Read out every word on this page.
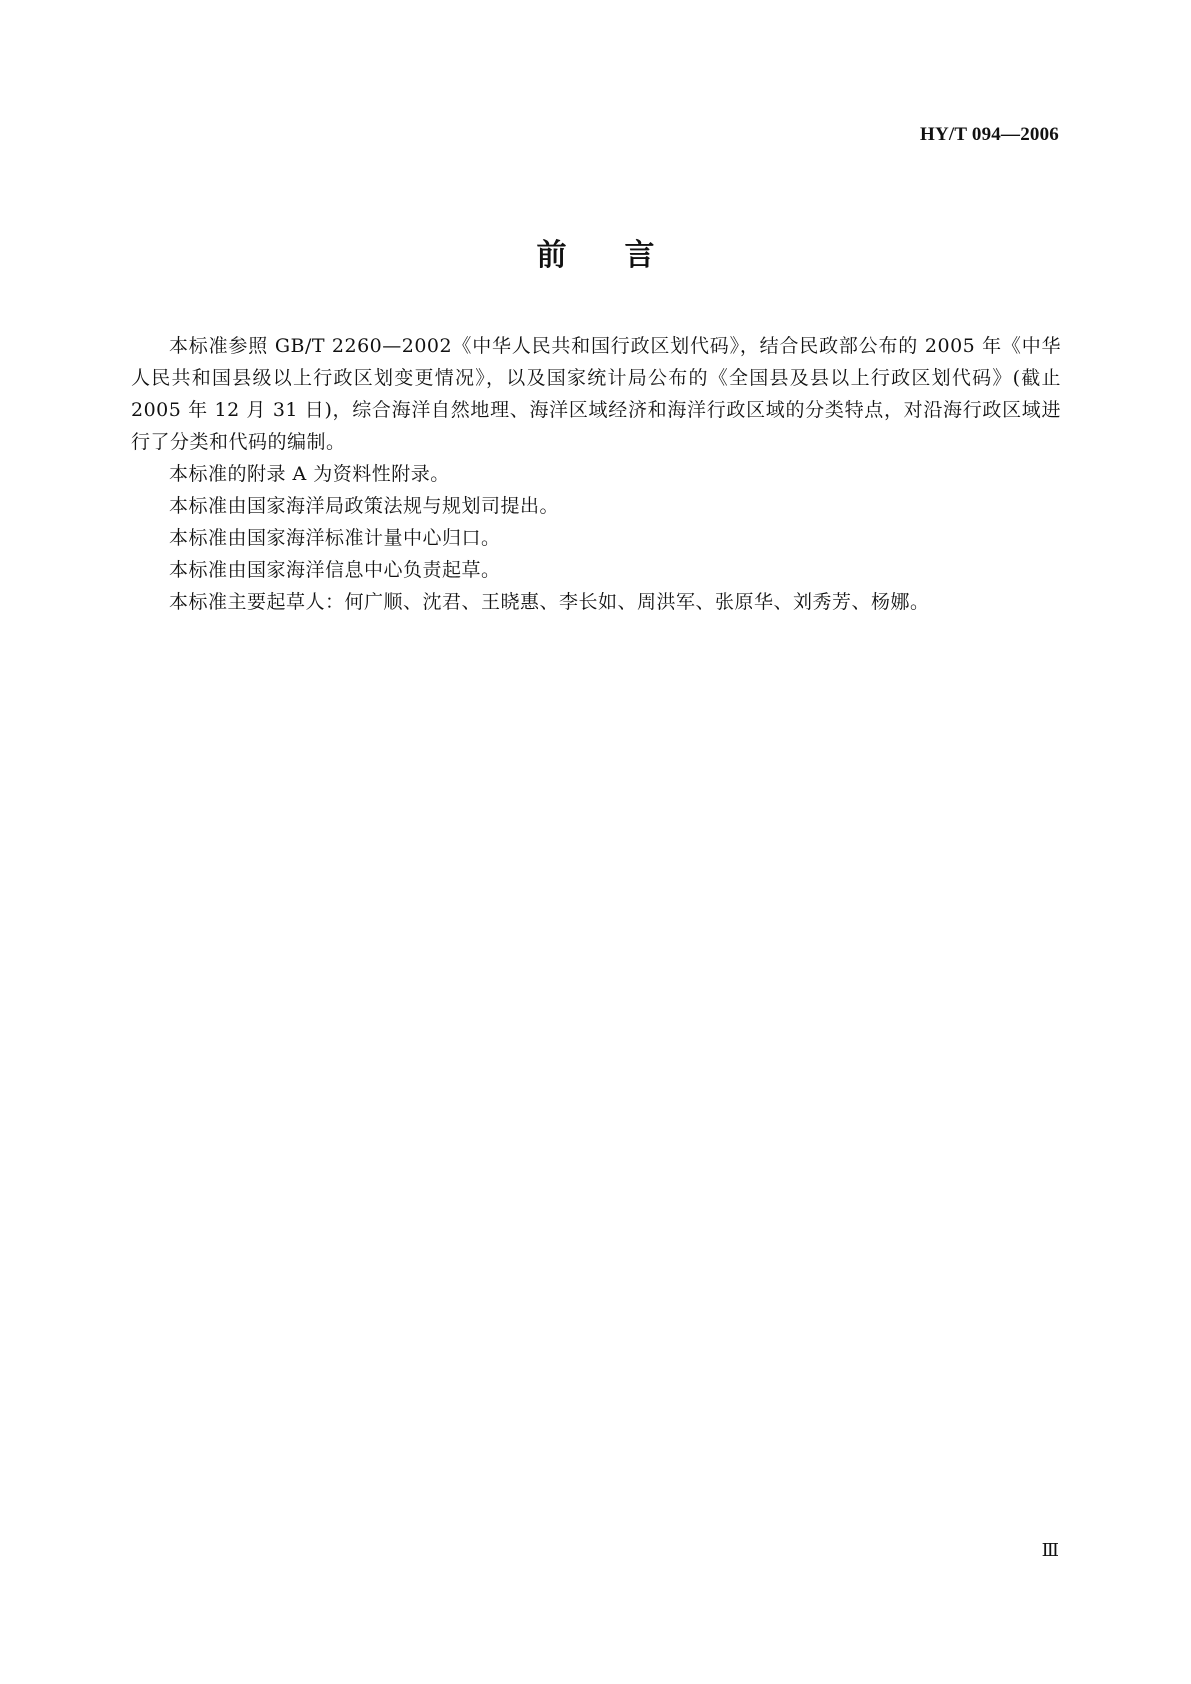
HY/T 094—2006
前言

本标准参照 GB/T 2260—2002《中华人民共和国行政区划代码》，结合民政部公布的 2005 年《中华人民共和国县级以上行政区划变更情况》，以及国家统计局公布的《全国县及县以上行政区划代码》(截止 2005 年 12 月 31 日)，综合海洋自然地理、海洋区域经济和海洋行政区域的分类特点，对沿海行政区域进行了分类和代码的编制。

本标准的附录 A 为资料性附录。

本标准由国家海洋局政策法规与规划司提出。

本标准由国家海洋标准计量中心归口。

本标准由国家海洋信息中心负责起草。

本标准主要起草人：何广顺、沈君、王晓惠、李长如、周洪军、张原华、刘秀芳、杨娜。

Ⅲ
